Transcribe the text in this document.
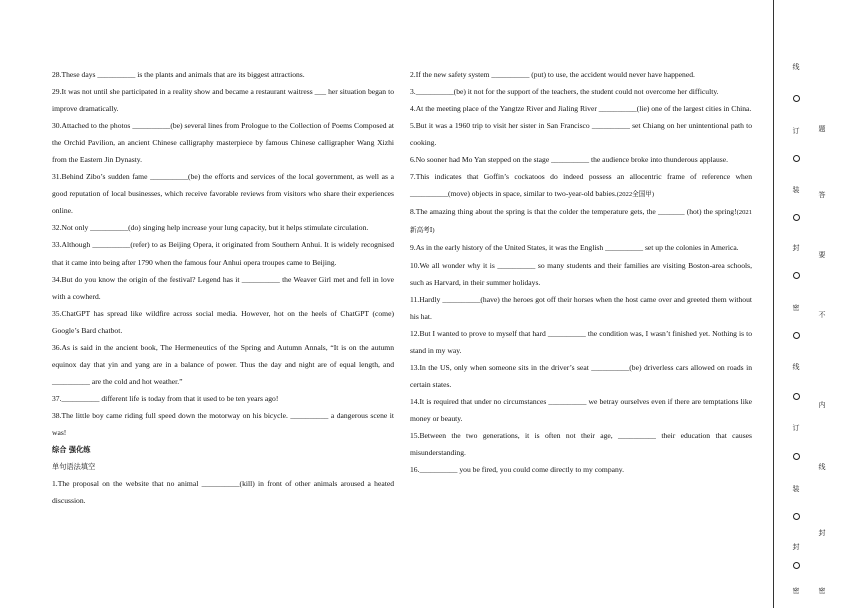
28.These days __________ is the plants and animals that are its biggest attractions.

29.It was not until she participated in a reality show and became a restaurant waitress ___ her situation began to improve dramatically.

30.Attached to the photos __________(be) several lines from Prologue to the Collection of Poems Composed at the Orchid Pavilion, an ancient Chinese calligraphy masterpiece by famous Chinese calligrapher Wang Xizhi from the Eastern Jin Dynasty.

31.Behind Zibo’s sudden fame __________(be) the efforts and services of the local government, as well as a good reputation of local businesses, which receive favorable reviews from visitors who share their experiences online.

32.Not only __________(do) singing help increase your lung capacity, but it helps stimulate circulation.

33.Although __________(refer) to as Beijing Opera, it originated from Southern Anhui. It is widely recognised that it came into being after 1790 when the famous four Anhui opera troupes came to Beijing.

34.But do you know the origin of the festival? Legend has it __________ the Weaver Girl met and fell in love with a cowherd.

35.ChatGPT has spread like wildfire across social media. However, hot on the heels of ChatGPT (come) Google’s Bard chatbot.

36.As is said in the ancient book, The Hermeneutics of the Spring and Autumn Annals, “It is on the autumn equinox day that yin and yang are in a balance of power. Thus the day and night are of equal length, and __________ are the cold and hot weather.”

37.__________ different life is today from that it used to be ten years ago!

38.The little boy came riding full speed down the motorway on his bicycle. __________ a dangerous scene it was!

综合 强化练

单句语法填空

1.The proposal on the website that no animal __________(kill) in front of other animals aroused a heated discussion.

2.If the new safety system __________ (put) to use, the accident would never have happened.

3.__________(be) it not for the support of the teachers, the student could not overcome her difficulty.

4.At the meeting place of the Yangtze River and Jialing River __________(lie) one of the largest cities in China.

5.But it was a 1960 trip to visit her sister in San Francisco __________ set Chiang on her unintentional path to cooking.

6.No sooner had Mo Yan stepped on the stage __________ the audience broke into thunderous applause.

7.This indicates that Goffin’s cockatoos do indeed possess an allocentric frame of reference when __________(move) objects in space, similar to two-year-old babies.(2022全国甲)

8.The amazing thing about the spring is that the colder the temperature gets, the _______ (hot) the spring!(2021新高考Ⅰ)

9.As in the early history of the United States, it was the English __________ set up the colonies in America.

10.We all wonder why it is __________ so many students and their families are visiting Boston-area schools, such as Harvard, in their summer holidays.

11.Hardly __________(have) the heroes got off their horses when the host came over and greeted them without his hat.

12.But I wanted to prove to myself that hard __________ the condition was, I wasn’t finished yet. Nothing is to stand in my way.

13.In the US, only when someone sits in the driver’s seat __________(be) driverless cars allowed on roads in certain states.

14.It is required that under no circumstances __________ we betray ourselves even if there are temptations like money or beauty.

15.Between the two generations, it is often not their age, __________ their education that causes misunderstanding.

16.__________ you be fired, you could come directly to my company.

线
订
装
封
密
线
订
装
封
密
题
答
要
不
内
线
封
密
